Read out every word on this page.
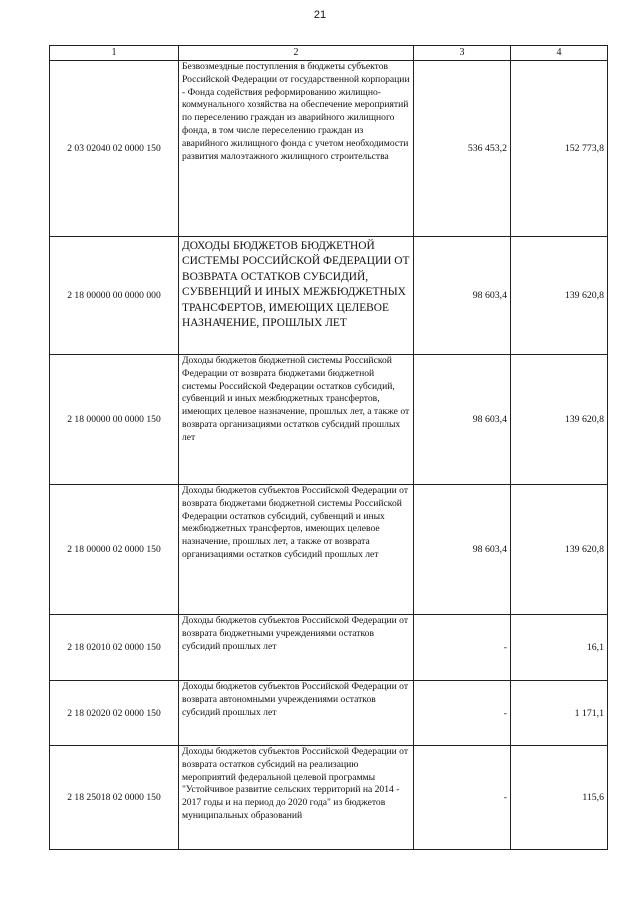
21
1	2	3	4
2 03 02040 02 0000 150	Безвозмездные поступления в бюджеты субъектов Российской Федерации от государственной корпорации - Фонда содействия реформированию жилищно-коммунального хозяйства на обеспечение мероприятий по переселению граждан из аварийного жилищного фонда, в том числе переселению граждан из аварийного жилищного фонда с учетом необходимости развития малоэтажного жилищного строительства	536 453,2	152 773,8
2 18 00000 00 0000 000	ДОХОДЫ БЮДЖЕТОВ БЮДЖЕТНОЙ СИСТЕМЫ РОССИЙСКОЙ ФЕДЕРАЦИИ ОТ ВОЗВРАТА ОСТАТКОВ СУБСИДИЙ, СУБВЕНЦИЙ И ИНЫХ МЕЖБЮДЖЕТНЫХ ТРАНСФЕРТОВ, ИМЕЮЩИХ ЦЕЛЕВОЕ НАЗНАЧЕНИЕ, ПРОШЛЫХ ЛЕТ	98 603,4	139 620,8
2 18 00000 00 0000 150	Доходы бюджетов бюджетной системы Российской Федерации от возврата бюджетами бюджетной системы Российской Федерации остатков субсидий, субвенций и иных межбюджетных трансфертов, имеющих целевое назначение, прошлых лет, а также от возврата организациями остатков субсидий прошлых лет	98 603,4	139 620,8
2 18 00000 02 0000 150	Доходы бюджетов субъектов Российской Федерации от возврата бюджетами бюджетной системы Российской Федерации остатков субсидий, субвенций и иных межбюджетных трансфертов, имеющих целевое назначение, прошлых лет, а также от возврата организациями остатков субсидий прошлых лет	98 603,4	139 620,8
2 18 02010 02 0000 150	Доходы бюджетов субъектов Российской Федерации от возврата бюджетными учреждениями остатков субсидий прошлых лет	-	16,1
2 18 02020 02 0000 150	Доходы бюджетов субъектов Российской Федерации от возврата автономными учреждениями остатков субсидий прошлых лет	-	1 171,1
2 18 25018 02 0000 150	Доходы бюджетов субъектов Российской Федерации от возврата остатков субсидий на реализацию мероприятий федеральной целевой программы "Устойчивое развитие сельских территорий на 2014 - 2017 годы и на период до 2020 года" из бюджетов муниципальных образований	-	115,6
